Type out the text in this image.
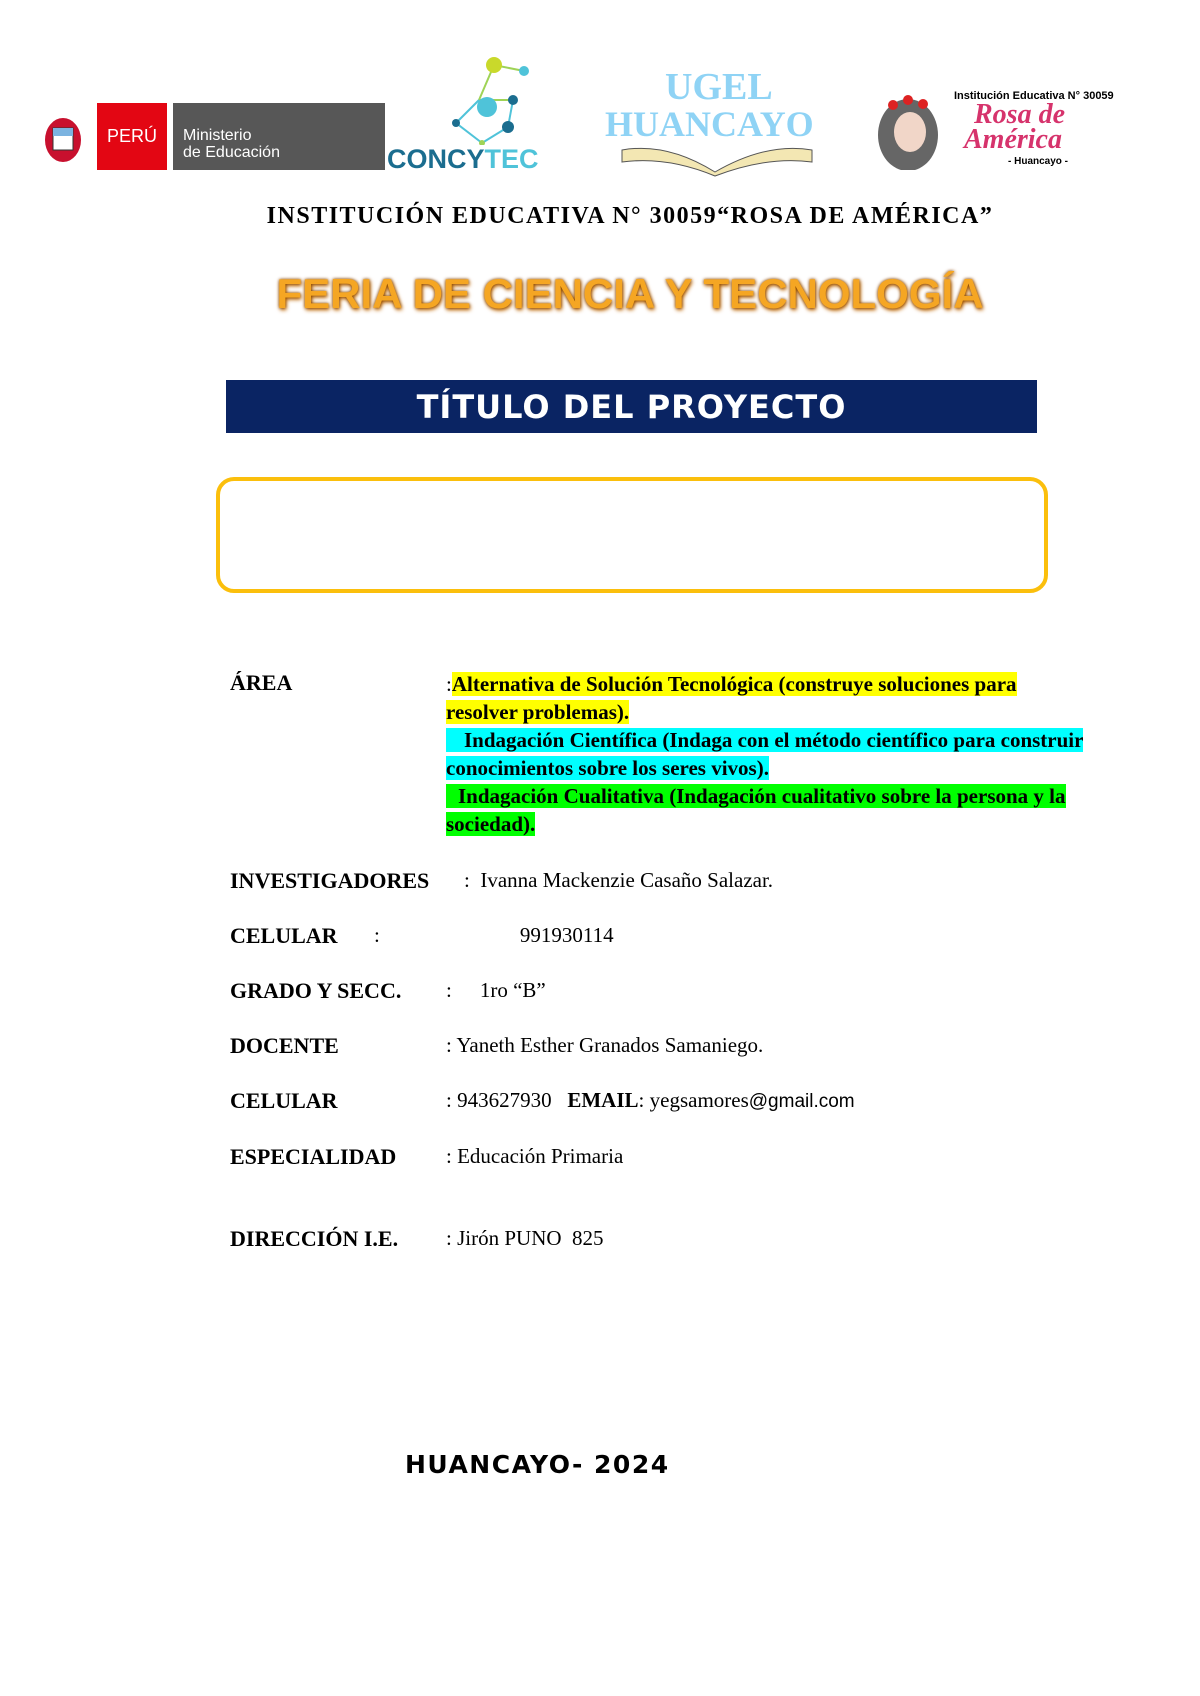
PERÚ Ministerio
de Educación	CONCYTEC
UGEL
HUANCAYO
Institución Educativa N° 30059
Rosa de
América
- Huancayo -
INSTITUCIÓN EDUCATIVA N° 30059“ROSA DE AMÉRICA”
FERIA DE CIENCIA Y TECNOLOGÍA
TÍTULO DEL PROYECTO
ÁREA	:Alternativa de Solución Tecnológica (construye soluciones para resolver problemas).
Indagación Científica (Indaga con el método científico para construir conocimientos sobre los seres vivos).
Indagación Cualitativa (Indagación cualitativo sobre la persona y la sociedad).
INVESTIGADORES :  Ivanna Mackenzie Casaño Salazar.
CELULAR :	991930114
GRADO Y SECC. : 1ro “B”
DOCENTE	: Yaneth Esther Granados Samaniego.
CELULAR	: 943627930 EMAIL: yegsamores@gmail.com
ESPECIALIDAD : Educación Primaria
DIRECCIÓN I.E. : Jirón PUNO  825
HUANCAYO- 2024
